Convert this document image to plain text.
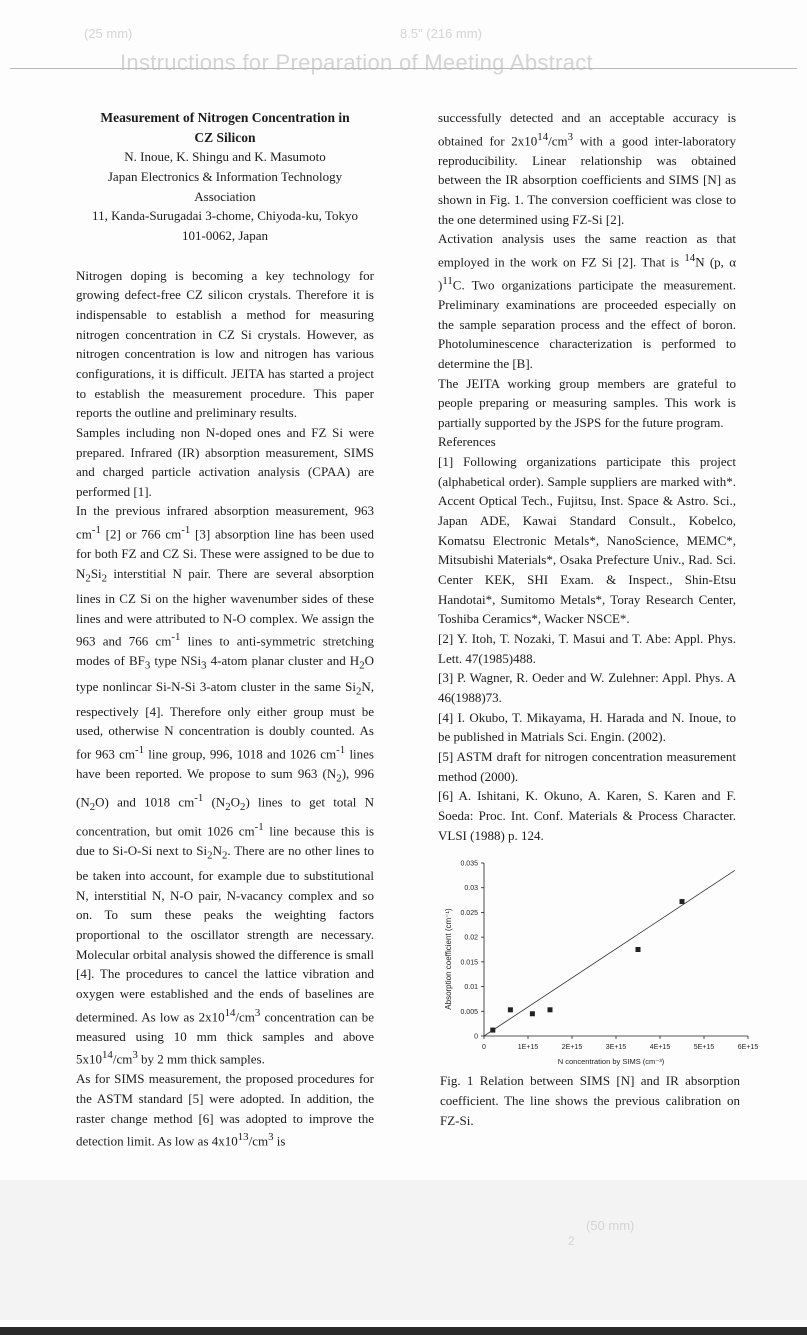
(25 mm)	8.5" (216 mm)
Instructions for Preparation of Meeting Abstract

Measurement of Nitrogen Concentration in

CZ Silicon

N. Inoue, K. Shingu and K. Masumoto

Japan Electronics & Information Technology

Association

11, Kanda-Surugadai 3-chome, Chiyoda-ku, Tokyo

101-0062, Japan

Nitrogen doping is becoming a key technology for growing defect-free CZ silicon crystals. Therefore it is indispensable to establish a method for measuring nitrogen concentration in CZ Si crystals. However, as nitrogen concentration is low and nitrogen has various configurations, it is difficult. JEITA has started a project to establish the measurement procedure. This paper reports the outline and preliminary results.

Samples including non N-doped ones and FZ Si were prepared. Infrared (IR) absorption measurement, SIMS and charged particle activation analysis (CPAA) are performed [1].

In the previous infrared absorption measurement, 963 $cm^{-1}$ [2] or 766 $cm^{-1}$ [3] absorption line has been used for both FZ and CZ Si. These were assigned to be due to $N_2Si_2$ interstitial N pair. There are several absorption lines in CZ Si on the higher wavenumber sides of these lines and were attributed to N-O complex. We assign the 963 and 766 $cm^{-1}$ lines to anti-symmetric stretching modes of $BF_3$ type NSi$_3$ 4-atom planar cluster and $H_2O$ type nonlincar Si-N-Si 3-atom cluster in the same $Si_2N$, respectively [4]. Therefore only either group must be used, otherwise N concentration is doubly counted. As for 963 $cm^{-1}$ line group, 996, 1018 and 1026 $cm^{-1}$ lines have been reported. We propose to sum 963 $(N_2)$, 996 $(N_2O)$ and 1018 $cm^{-1}$ $(N_2O_2)$ lines to get total N concentration, but omit 1026 $cm^{-1}$ line because this is due to Si-O-Si next to $Si_2N_2$. There are no other lines to be taken into account, for example due to substitutional N, interstitial N, N-O pair, N-vacancy complex and so on. To sum these peaks the weighting factors proportional to the oscillator strength are necessary. Molecular orbital analysis showed the difference is small [4]. The procedures to cancel the lattice vibration and oxygen were established and the ends of baselines are determined. As low as $2x10^{14}/cm^3$ concentration can be measured using 10 mm thick samples and above $5x10^{14}/cm^3$ by 2 mm thick samples.

As for SIMS measurement, the proposed procedures for the ASTM standard [5] were adopted. In addition, the raster change method [6] was adopted to improve the detection limit. As low as $4x10^{13}/cm^3$ is

successfully detected and an acceptable accuracy is obtained for $2x10^{14}/cm^3$ with a good inter-laboratory reproducibility. Linear relationship was obtained between the IR absorption coefficients and SIMS [N] as shown in Fig. 1. The conversion coefficient was close to the one determined using FZ-Si [2].

Activation analysis uses the same reaction as that employed in the work on FZ Si [2]. That is $^{14}$N (p, α )$^{11}$C. Two organizations participate the measurement. Preliminary examinations are proceeded especially on the sample separation process and the effect of boron. Photoluminescence characterization is performed to determine the [B].

The JEITA working group members are grateful to people preparing or measuring samples. This work is partially supported by the JSPS for the future program.

References

[1] Following organizations participate this project (alphabetical order). Sample suppliers are marked with*. Accent Optical Tech., Fujitsu, Inst. Space & Astro. Sci., Japan ADE, Kawai Standard Consult., Kobelco, Komatsu Electronic Metals*, NanoScience, MEMC*, Mitsubishi Materials*, Osaka Prefecture Univ., Rad. Sci. Center KEK, SHI Exam. & Inspect., Shin-Etsu Handotai*, Sumitomo Metals*, Toray Research Center, Toshiba Ceramics*, Wacker NSCE*.

[2] Y. Itoh, T. Nozaki, T. Masui and T. Abe: Appl. Phys. Lett. 47(1985)488.

[3] P. Wagner, R. Oeder and W. Zulehner: Appl. Phys. A 46(1988)73.

[4] I. Okubo, T. Mikayama, H. Harada and N. Inoue, to be published in Matrials Sci. Engin. (2002).

[5] ASTM draft for nitrogen concentration measurement method (2000).

[6] A. Ishitani, K. Okuno, A. Karen, S. Karen and F. Soeda: Proc. Int. Conf. Materials & Process Character. VLSI (1988) p. 124.

0
0.005
0.01
0.015
0.02
0.025
0.03
0.035
0	1E+15	2E+15	3E+15	4E+15	5E+15	6E+15
Absorption coefficient (cm⁻¹)
N concentration by SIMS (cm⁻³)
Fig. 1 Relation between SIMS [N] and IR absorption coefficient. The line shows the previous calibration on FZ-Si.
2
(50 mm)
